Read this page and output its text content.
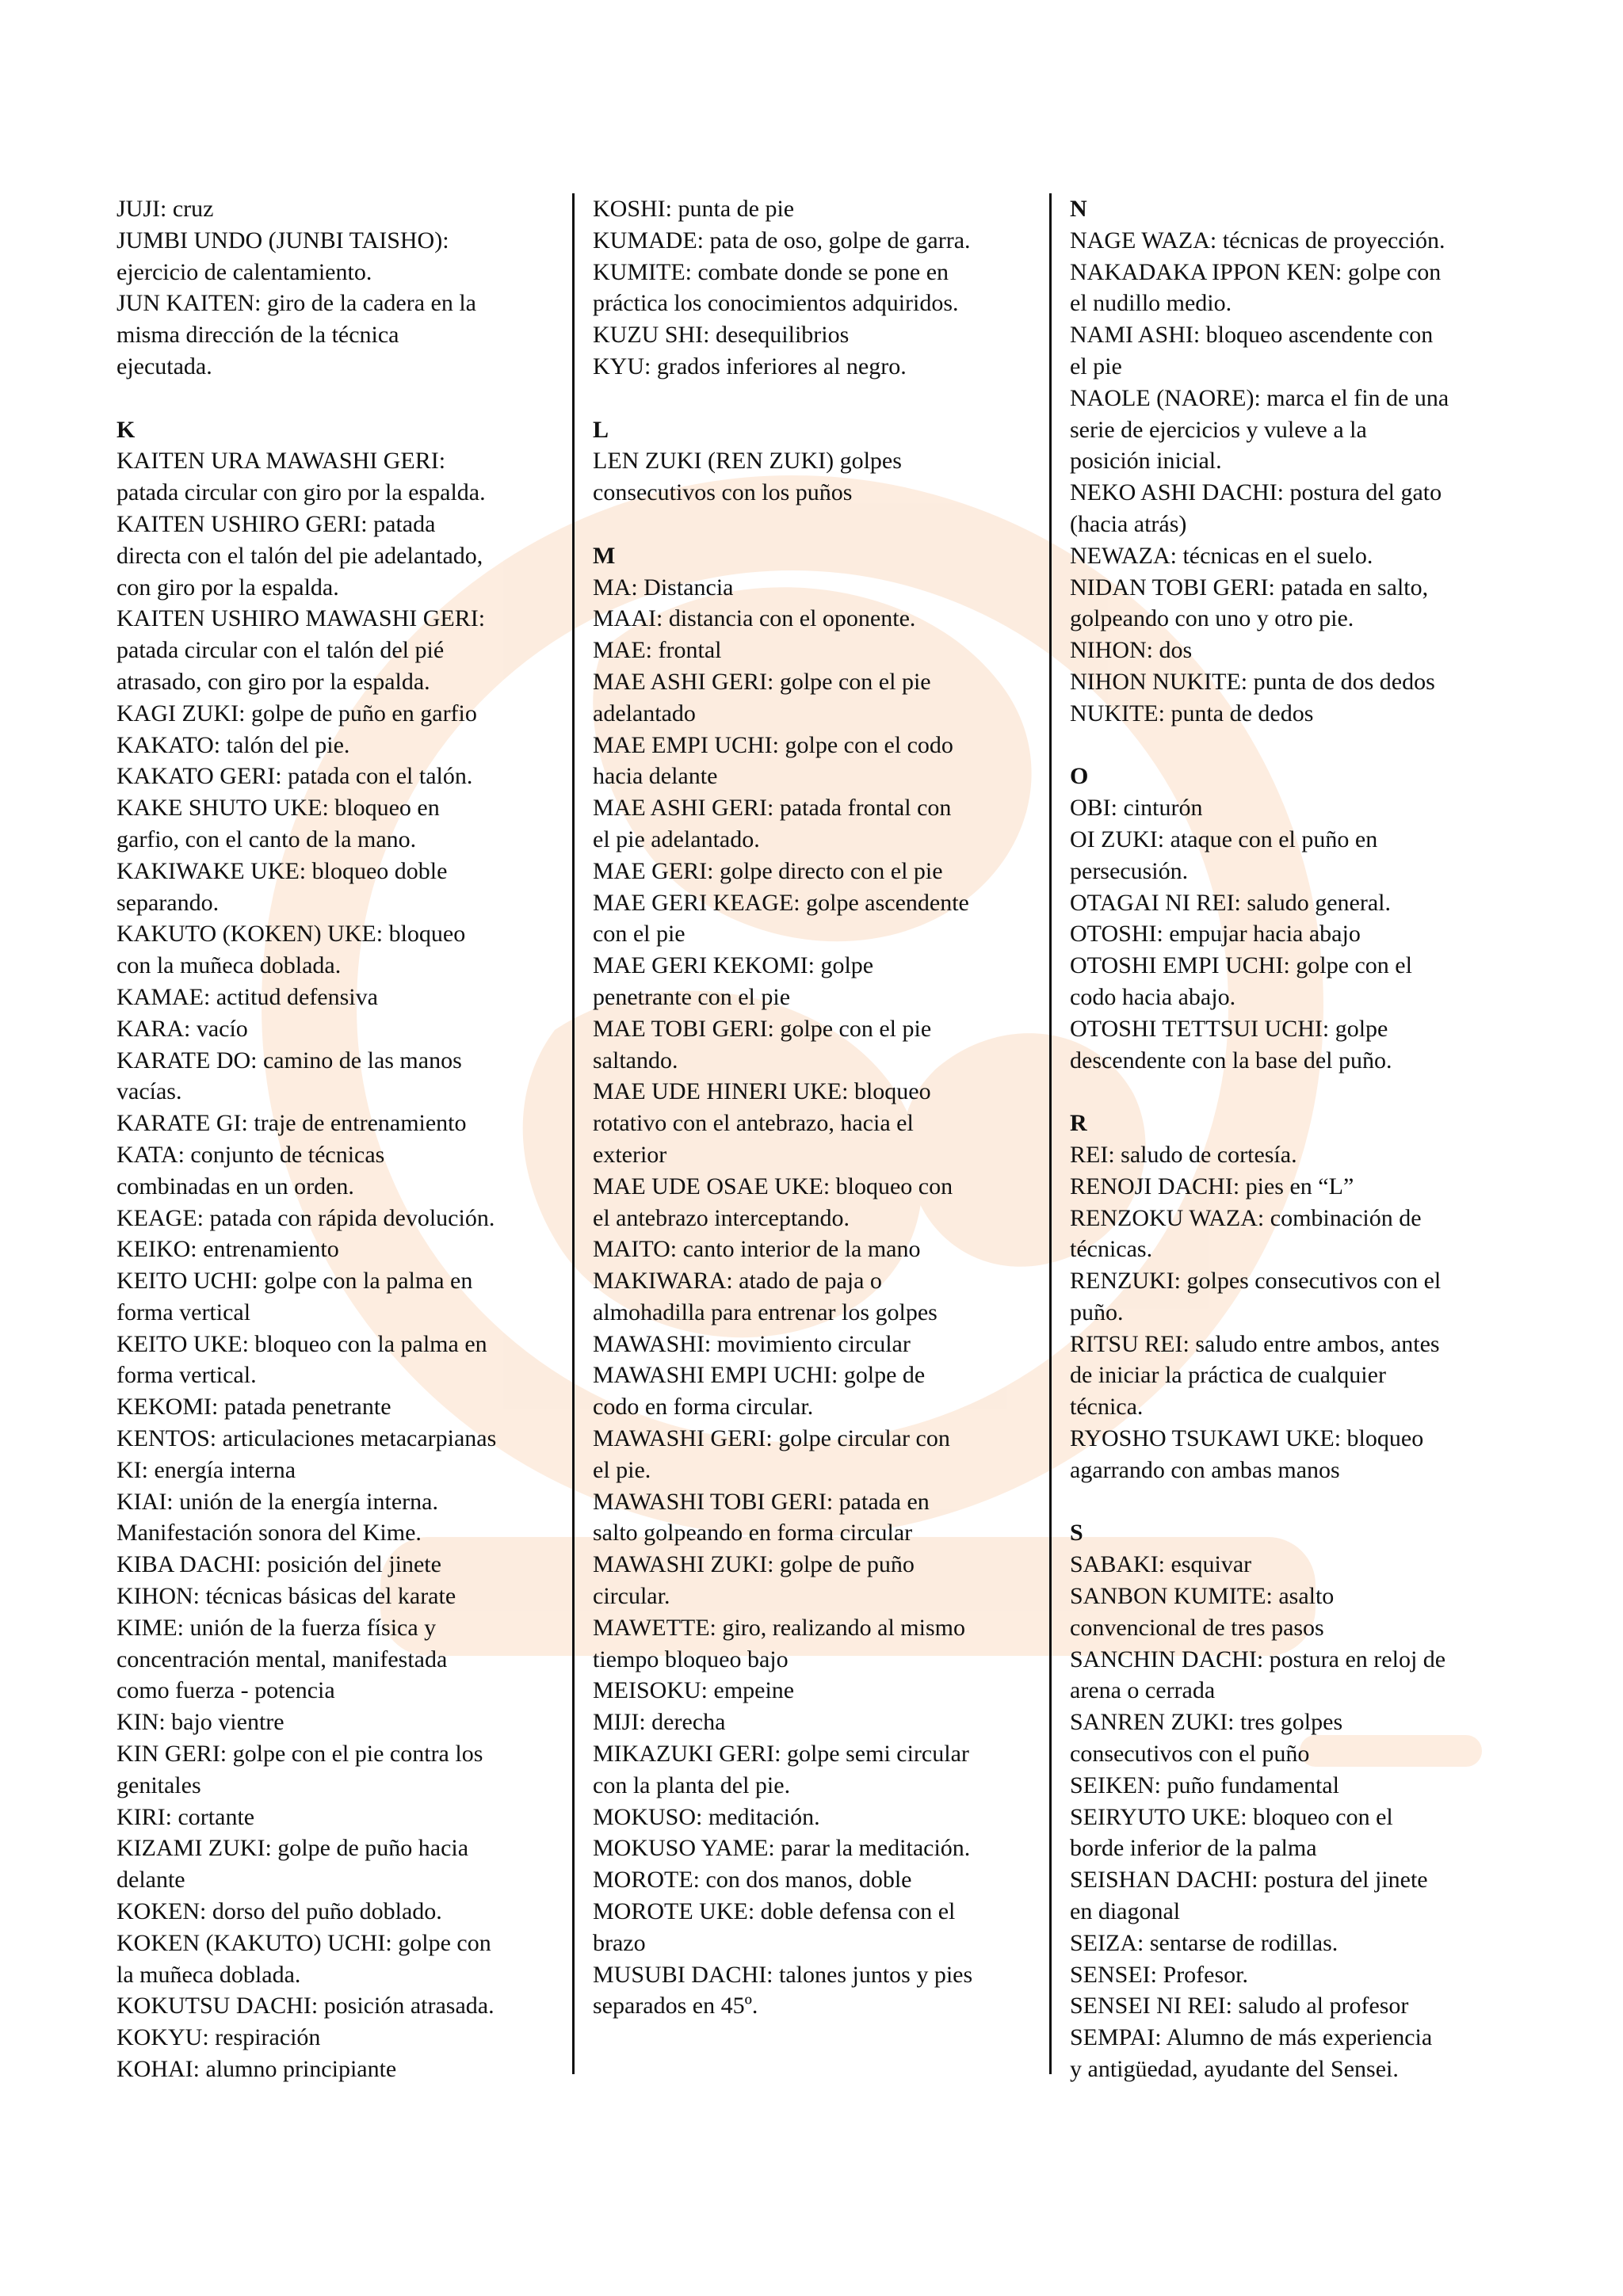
JUJI: cruz
JUMBI UNDO (JUNBI TAISHO):
ejercicio de calentamiento.
JUN KAITEN: giro de la cadera en la
misma dirección de la técnica
ejecutada.
K
KAITEN URA MAWASHI GERI:
patada circular con giro por la espalda.
KAITEN USHIRO GERI: patada
directa con el talón del pie adelantado,
con giro por la espalda.
KAITEN USHIRO MAWASHI GERI:
patada circular con el talón del pié
atrasado, con giro por la espalda.
KAGI ZUKI: golpe de puño en garfio
KAKATO: talón del pie.
KAKATO GERI: patada con el talón.
KAKE SHUTO UKE: bloqueo en
garfio, con el canto de la mano.
KAKIWAKE UKE: bloqueo doble
separando.
KAKUTO (KOKEN) UKE: bloqueo
con la muñeca doblada.
KAMAE: actitud defensiva
KARA: vacío
KARATE DO: camino de las manos
vacías.
KARATE GI: traje de entrenamiento
KATA: conjunto de técnicas
combinadas en un orden.
KEAGE: patada con rápida devolución.
KEIKO: entrenamiento
KEITO UCHI: golpe con la palma en
forma vertical
KEITO UKE: bloqueo con la palma en
forma vertical.
KEKOMI: patada penetrante
KENTOS: articulaciones metacarpianas
KI: energía interna
KIAI: unión de la energía interna.
Manifestación sonora del Kime.
KIBA DACHI: posición del jinete
KIHON: técnicas básicas del karate
KIME: unión de la fuerza física y
concentración mental, manifestada
como fuerza - potencia
KIN: bajo vientre
KIN GERI: golpe con el pie contra los
genitales
KIRI: cortante
KIZAMI ZUKI: golpe de puño hacia
delante
KOKEN: dorso del puño doblado.
KOKEN (KAKUTO) UCHI: golpe con
la muñeca doblada.
KOKUTSU DACHI: posición atrasada.
KOKYU: respiración
KOHAI: alumno principiante
KOSHI: punta de pie
KUMADE: pata de oso, golpe de garra.
KUMITE: combate donde se pone en
práctica los conocimientos adquiridos.
KUZU SHI: desequilibrios
KYU: grados inferiores al negro.
L
LEN ZUKI (REN ZUKI) golpes
consecutivos con los puños
M
MA: Distancia
MAAI: distancia con el oponente.
MAE: frontal
MAE ASHI GERI: golpe con el pie
adelantado
MAE EMPI UCHI: golpe con el codo
hacia delante
MAE ASHI GERI: patada frontal con
el pie adelantado.
MAE GERI: golpe directo con el pie
MAE GERI KEAGE: golpe ascendente
con el pie
MAE GERI KEKOMI: golpe
penetrante con el pie
MAE TOBI GERI: golpe con el pie
saltando.
MAE UDE HINERI UKE: bloqueo
rotativo con el antebrazo, hacia el
exterior
MAE UDE OSAE UKE: bloqueo con
el antebrazo interceptando.
MAITO: canto interior de la mano
MAKIWARA: atado de paja o
almohadilla para entrenar los golpes
MAWASHI: movimiento circular
MAWASHI EMPI UCHI: golpe de
codo en forma circular.
MAWASHI GERI: golpe circular con
el pie.
MAWASHI TOBI GERI: patada en
salto golpeando en forma circular
MAWASHI ZUKI: golpe de puño
circular.
MAWETTE: giro, realizando al mismo
tiempo bloqueo bajo
MEISOKU: empeine
MIJI: derecha
MIKAZUKI GERI: golpe semi circular
con la planta del pie.
MOKUSO: meditación.
MOKUSO YAME: parar la meditación.
MOROTE: con dos manos, doble
MOROTE UKE: doble defensa con el
brazo
MUSUBI DACHI: talones juntos y pies
separados en 45º.
N
NAGE WAZA: técnicas de proyección.
NAKADAKA IPPON KEN: golpe con
el nudillo medio.
NAMI ASHI: bloqueo ascendente con
el pie
NAOLE (NAORE): marca el fin de una
serie de ejercicios y vuleve a la
posición inicial.
NEKO ASHI DACHI: postura del gato
(hacia atrás)
NEWAZA: técnicas en el suelo.
NIDAN TOBI GERI: patada en salto,
golpeando con uno y otro pie.
NIHON: dos
NIHON NUKITE: punta de dos dedos
NUKITE: punta de dedos
O
OBI: cinturón
OI ZUKI: ataque con el puño en
persecusión.
OTAGAI NI REI: saludo general.
OTOSHI: empujar hacia abajo
OTOSHI EMPI UCHI: golpe con el
codo hacia abajo.
OTOSHI TETTSUI UCHI: golpe
descendente con la base del puño.
R
REI: saludo de cortesía.
RENOJI DACHI: pies en “L”
RENZOKU WAZA: combinación de
técnicas.
RENZUKI: golpes consecutivos con el
puño.
RITSU REI: saludo entre ambos, antes
de iniciar la práctica de cualquier
técnica.
RYOSHO TSUKAWI UKE: bloqueo
agarrando con ambas manos
S
SABAKI: esquivar
SANBON KUMITE: asalto
convencional de tres pasos
SANCHIN DACHI: postura en reloj de
arena o cerrada
SANREN ZUKI: tres golpes
consecutivos con el puño
SEIKEN: puño fundamental
SEIRYUTO UKE: bloqueo con el
borde inferior de la palma
SEISHAN DACHI: postura del jinete
en diagonal
SEIZA: sentarse de rodillas.
SENSEI: Profesor.
SENSEI NI REI: saludo al profesor
SEMPAI: Alumno de más experiencia
y antigüedad, ayudante del Sensei.
